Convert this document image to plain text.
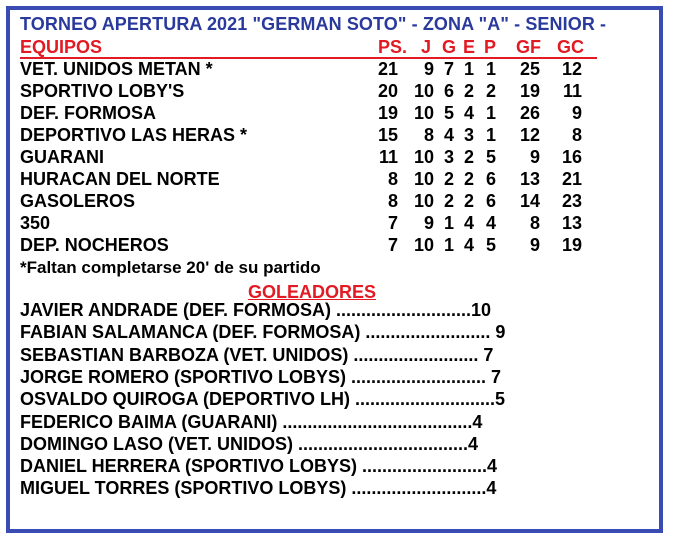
TORNEO APERTURA 2021 "GERMAN SOTO" - ZONA "A" - SENIOR -
EQUIPOS	PS. J G E P GF GC
VET. UNIDOS METAN *	21 9 7 1 1 25 12
SPORTIVO LOBY'S	20 10 6 2 2 19 11
DEF. FORMOSA	19 10 5 4 1 26 9
DEPORTIVO LAS HERAS *	15 8 4 3 1 12 8
GUARANI	11 10 3 2 5 9 16
HURACAN DEL NORTE	8 10 2 2 6 13 21
GASOLEROS	8 10 2 2 6 14 23
350	7 9 1 4 4 8 13
DEP. NOCHEROS	7 10 1 4 5 9 19
*Faltan completarse 20' de su partido
GOLEADORES
JAVIER ANDRADE (DEF. FORMOSA) ...........................10
FABIAN SALAMANCA (DEF. FORMOSA) ......................... 9
SEBASTIAN BARBOZA (VET. UNIDOS) ......................... 7
JORGE ROMERO (SPORTIVO LOBYS) ........................... 7
OSVALDO QUIROGA (DEPORTIVO LH) ............................5
FEDERICO BAIMA (GUARANI) ......................................4
DOMINGO LASO (VET. UNIDOS) ..................................4
DANIEL HERRERA (SPORTIVO LOBYS) .........................4
MIGUEL TORRES (SPORTIVO LOBYS) ...........................4
